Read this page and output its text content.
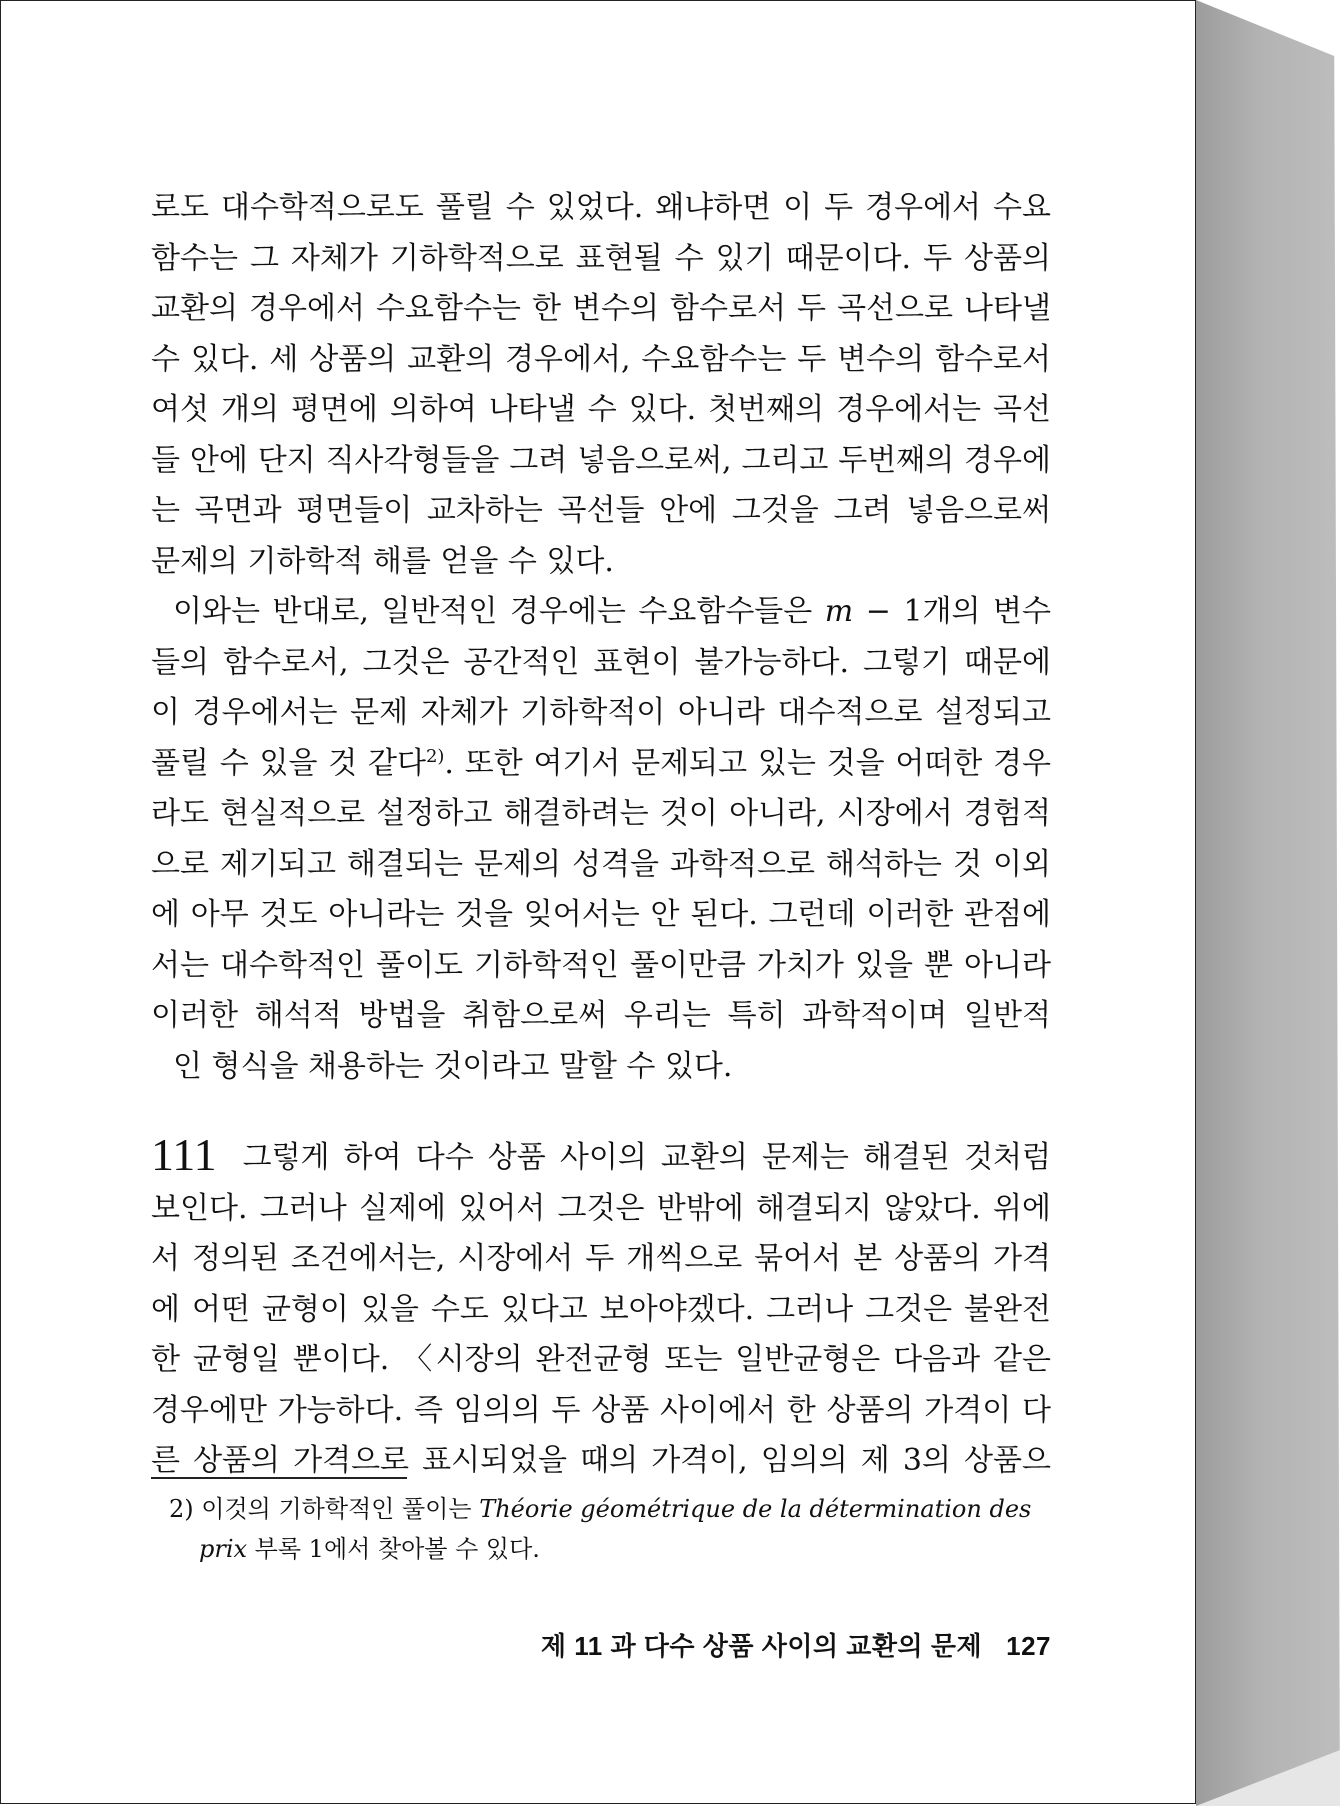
로도 대수학적으로도 풀릴 수 있었다. 왜냐하면 이 두 경우에서 수요함수는 그 자체가 기하학적으로 표현될 수 있기 때문이다. 두 상품의 교환의 경우에서 수요함수는 한 변수의 함수로서 두 곡선으로 나타낼 수 있다. 세 상품의 교환의 경우에서, 수요함수는 두 변수의 함수로서 여섯 개의 평면에 의하여 나타낼 수 있다. 첫번째의 경우에서는 곡선들 안에 단지 직사각형들을 그려 넣음으로써, 그리고 두번째의 경우에는 곡면과 평면들이 교차하는 곡선들 안에 그것을 그려 넣음으로써
문제의 기하학적 해를 얻을 수 있다.

이와는 반대로, 일반적인 경우에는 수요함수들은 m − 1개의 변수들의 함수로서, 그것은 공간적인 표현이 불가능하다. 그렇기 때문에 이 경우에서는 문제 자체가 기하학적이 아니라 대수적으로 설정되고 풀릴 수 있을 것 같다$^{2)}$. 또한 여기서 문제되고 있는 것을 어떠한 경우라도 현실적으로 설정하고 해결하려는 것이 아니라, 시장에서 경험적으로 제기되고 해결되는 문제의 성격을 과학적으로 해석하는 것 이외에 아무 것도 아니라는 것을 잊어서는 안 된다. 그런데 이러한 관점에서는 대수학적인 풀이도 기하학적인 풀이만큼 가치가 있을 뿐 아니라 이러한 해석적 방법을 취함으로써 우리는 특히 과학적이며 일반적
인 형식을 채용하는 것이라고 말할 수 있다.

111 그렇게 하여 다수 상품 사이의 교환의 문제는 해결된 것처럼 보인다. 그러나 실제에 있어서 그것은 반밖에 해결되지 않았다. 위에서 정의된 조건에서는, 시장에서 두 개씩으로 묶어서 본 상품의 가격에 어떤 균형이 있을 수도 있다고 보아야겠다. 그러나 그것은 불완전한 균형일 뿐이다. 〈시장의 완전균형 또는 일반균형은 다음과 같은 경우에만 가능하다. 즉 임의의 두 상품 사이에서 한 상품의 가격이 다른 상품의 가격으로 표시되었을 때의 가격이, 임의의 제 3의 상품으

2) 이것의 기하학적인 풀이는 Théorie géométrique de la détermination des
prix 부록 1에서 찾아볼 수 있다.

제 11 과 다수 상품 사이의 교환의 문제 127
